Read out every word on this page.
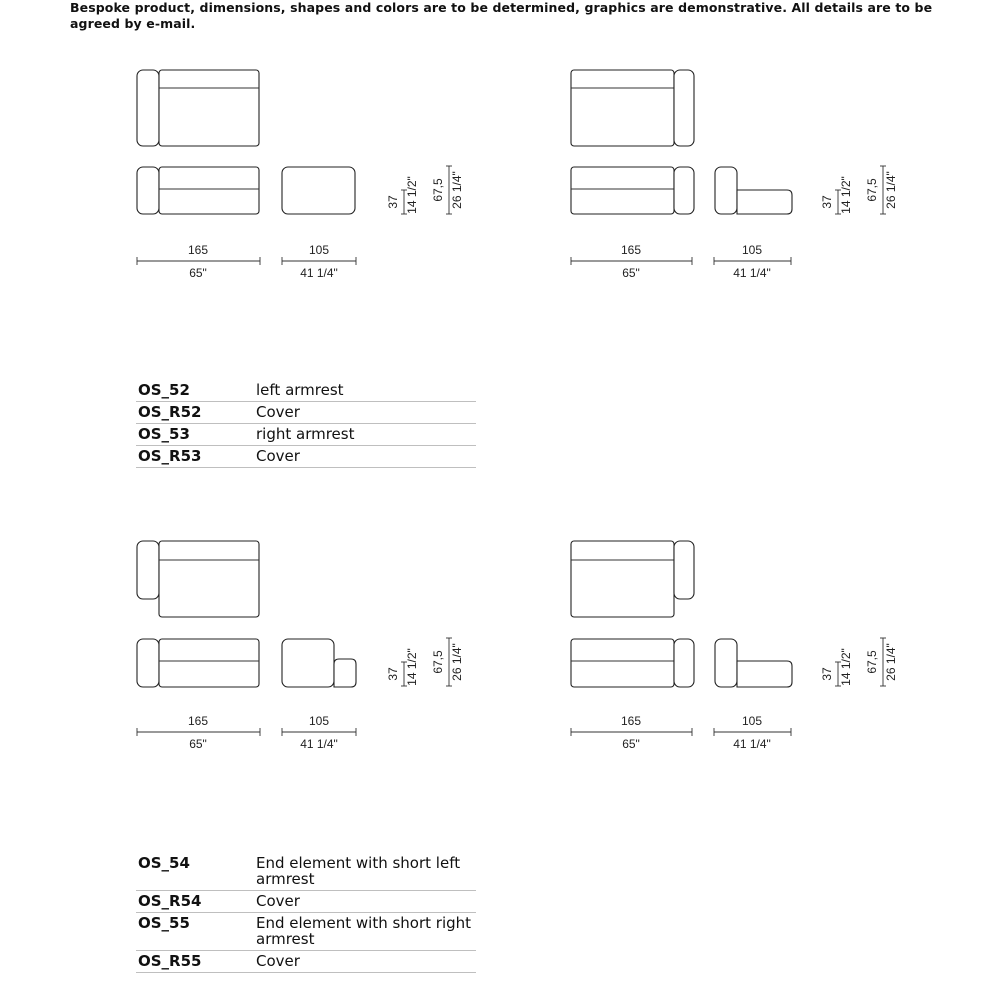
Bespoke product, dimensions, shapes and colors are to be determined, graphics are demonstrative. All details are to be agreed by e-mail.
165
65"
105
41 1/4"
37 14 1/2" 67,5 26 1/4"
165
65"
105
41 1/4"
37 14 1/2" 67,5 26 1/4"
165
65"
105
41 1/4"
37 14 1/2" 67,5 26 1/4"
165
65"
105
41 1/4"
37 14 1/2" 67,5 26 1/4"
OS_52	left armrest
OS_R52	Cover
OS_53	right armrest
OS_R53	Cover
OS_54	End element with short left armrest
OS_R54	Cover
OS_55	End element with short right armrest
OS_R55	Cover
